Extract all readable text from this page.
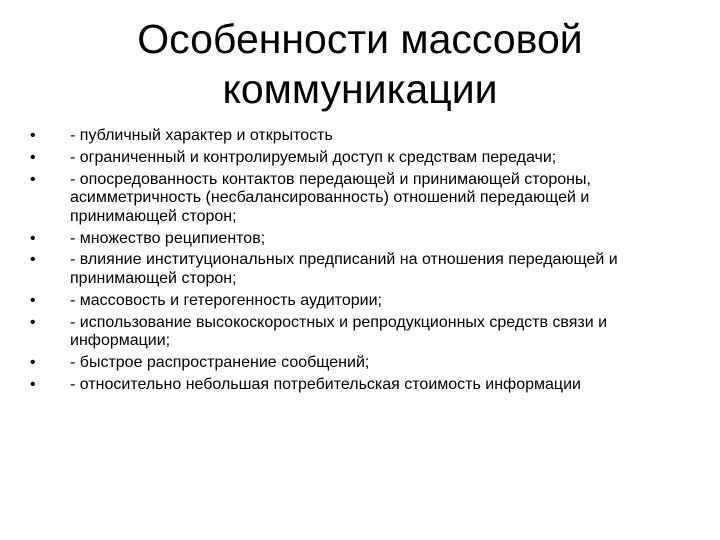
Особенности массовой коммуникации
•	- публичный характер и открытость
•	- ограниченный и контролируемый доступ к средствам передачи;
•	- опосредованность контактов передающей и принимающей стороны, асимметричность (несбалансированность) отношений передающей и принимающей сторон;
•	- множество реципиентов;
•	- влияние институциональных предписаний на отношения передающей и принимающей сторон;
•	- массовость и гетерогенность аудитории;
•	- использование высокоскоростных и репродукционных средств связи и информации;
•	- быстрое распространение сообщений;
•	- относительно небольшая потребительская стоимость информации
